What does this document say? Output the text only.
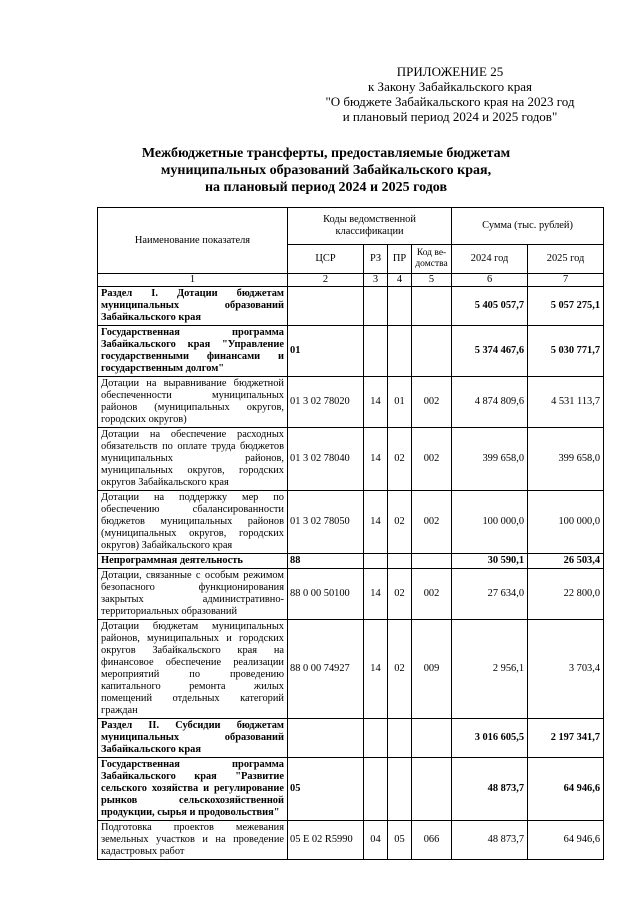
ПРИЛОЖЕНИЕ 25
к Закону Забайкальского края
"О бюджете Забайкальского края на 2023 год
и плановый период 2024 и 2025 годов"
Межбюджетные трансферты, предоставляемые бюджетам
муниципальных образований Забайкальского края,
на плановый период 2024 и 2025 годов
Наименование показателя	Коды ведомственной классификации				Сумма (тыс. рублей)	
	ЦСР	РЗ	ПР	Код ве-домства	2024 год	2025 год
1	2	3	4	5	6	7
Раздел I. Дотации бюджетам муниципальных образований Забайкальского края					5 405 057,7	5 057 275,1
Государственная программа Забайкальского края "Управление государственными финансами и государственным долгом"	01				5 374 467,6	5 030 771,7
Дотации на выравнивание бюджетной обеспеченности муниципальных районов (муниципальных округов, городских округов)	01 3 02 78020	14	01	002	4 874 809,6	4 531 113,7
Дотации на обеспечение расходных обязательств по оплате труда бюджетов муниципальных районов, муниципальных округов, городских округов Забайкальского края	01 3 02 78040	14	02	002	399 658,0	399 658,0
Дотации на поддержку мер по обеспечению сбалансированности бюджетов муниципальных районов (муниципальных округов, городских округов) Забайкальского края	01 3 02 78050	14	02	002	100 000,0	100 000,0
Непрограммная деятельность	88				30 590,1	26 503,4
Дотации, связанные с особым режимом безопасного функционирования закрытых административно-территориальных образований	88 0 00 50100	14	02	002	27 634,0	22 800,0
Дотации бюджетам муниципальных районов, муниципальных и городских округов Забайкальского края на финансовое обеспечение реализации мероприятий по проведению капитального ремонта жилых помещений отдельных категорий граждан	88 0 00 74927	14	02	009	2 956,1	3 703,4
Раздел II. Субсидии бюджетам муниципальных образований Забайкальского края					3 016 605,5	2 197 341,7
Государственная программа Забайкальского края "Развитие сельского хозяйства и регулирование рынков сельскохозяйственной продукции, сырья и продовольствия"	05				48 873,7	64 946,6
Подготовка проектов межевания земельных участков и на проведение кадастровых работ	05 E 02 R5990	04	05	066	48 873,7	64 946,6
